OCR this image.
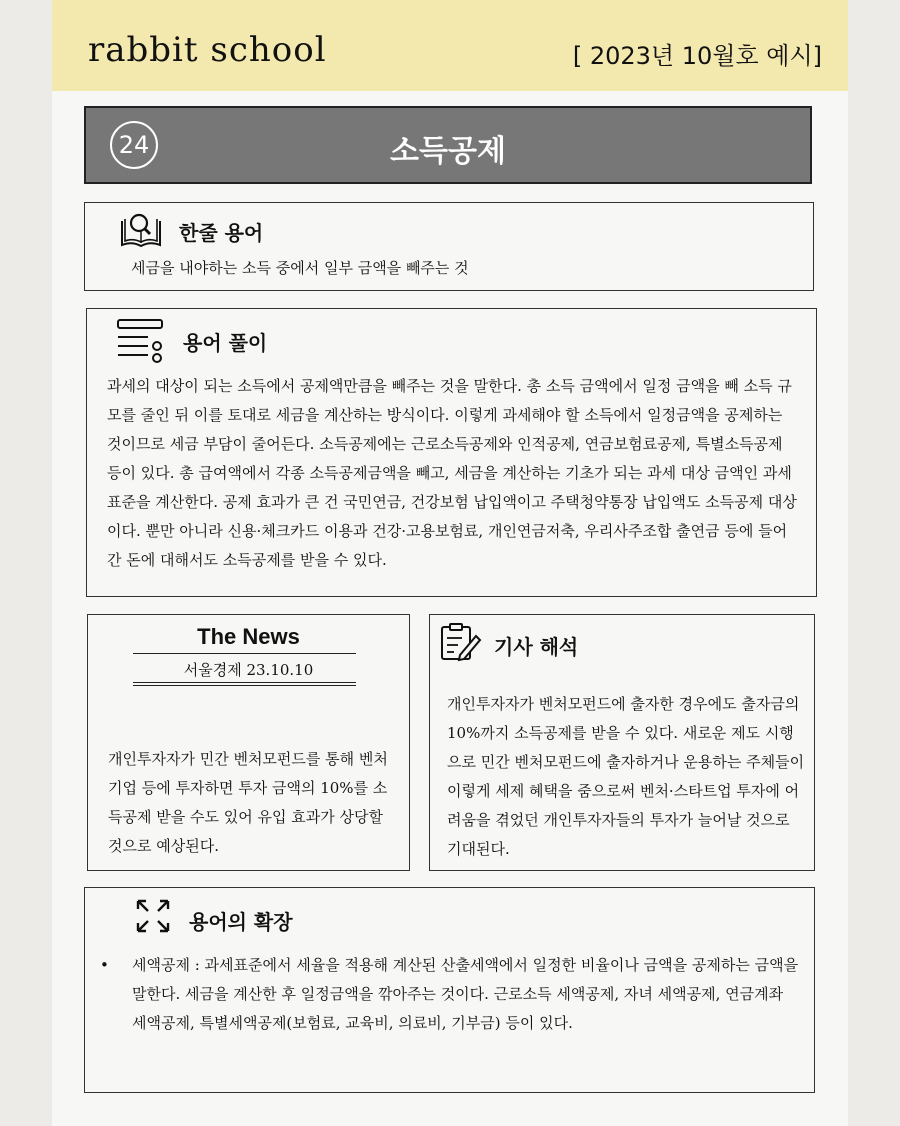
rabbit school	[ 2023년 10월호 예시]
24	소득공제
한줄 용어
세금을 내야하는 소득 중에서 일부 금액을 빼주는 것
용어 풀이
과세의 대상이 되는 소득에서 공제액만큼을 빼주는 것을 말한다. 총 소득 금액에서 일정 금액을 빼 소득 규모를 줄인 뒤 이를 토대로 세금을 계산하는 방식이다. 이렇게 과세해야 할 소득에서 일정금액을 공제하는 것이므로 세금 부담이 줄어든다. 소득공제에는 근로소득공제와 인적공제, 연금보험료공제, 특별소득공제 등이 있다. 총 급여액에서 각종 소득공제금액을 빼고, 세금을 계산하는 기초가 되는 과세 대상 금액인 과세표준을 계산한다. 공제 효과가 큰 건 국민연금, 건강보험 납입액이고 주택청약통장 납입액도 소득공제 대상이다. 뿐만 아니라 신용·체크카드 이용과 건강·고용보험료, 개인연금저축, 우리사주조합 출연금 등에 들어간 돈에 대해서도 소득공제를 받을 수 있다.
The News
서울경제 23.10.10
개인투자자가 민간 벤처모펀드를 통해 벤처기업 등에 투자하면 투자 금액의 10%를 소득공제 받을 수도 있어 유입 효과가 상당할 것으로 예상된다.
기사 해석
개인투자자가 벤처모펀드에 출자한 경우에도 출자금의 10%까지 소득공제를 받을 수 있다. 새로운 제도 시행으로 민간 벤처모펀드에 출자하거나 운용하는 주체들이 이렇게 세제 혜택을 줌으로써 벤처·스타트업 투자에 어려움을 겪었던 개인투자자들의 투자가 늘어날 것으로 기대된다.
용어의 확장
• 세액공제 : 과세표준에서 세율을 적용해 계산된 산출세액에서 일정한 비율이나 금액을 공제하는 금액을 말한다. 세금을 계산한 후 일정금액을 깎아주는 것이다. 근로소득 세액공제, 자녀 세액공제, 연금계좌 세액공제, 특별세액공제(보험료, 교육비, 의료비, 기부금) 등이 있다.
